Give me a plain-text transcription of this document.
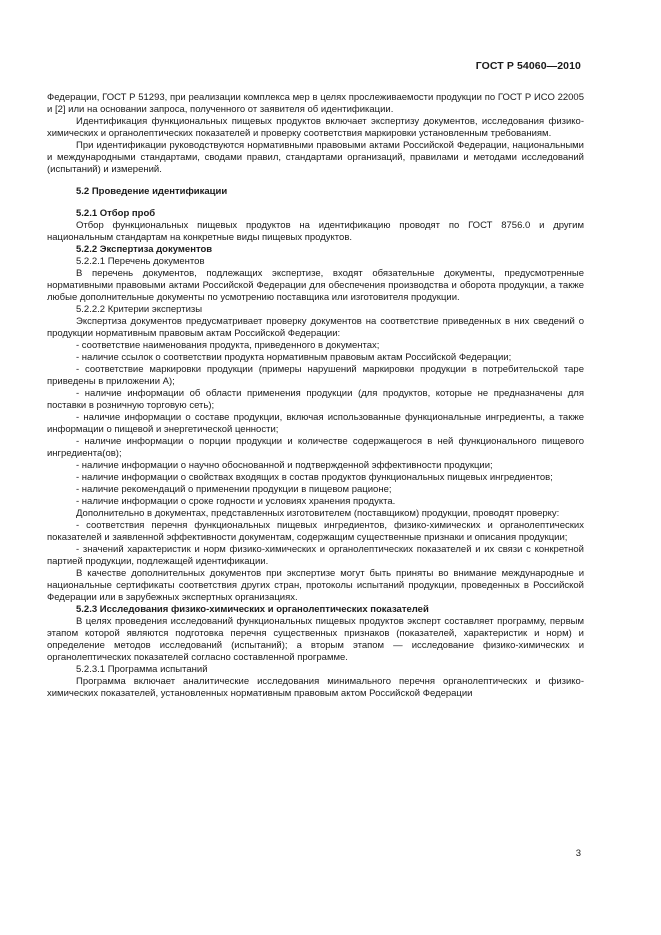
ГОСТ Р 54060—2010

Федерации, ГОСТ Р 51293, при реализации комплекса мер в целях прослеживаемости продукции по ГОСТ Р ИСО 22005 и [2] или на основании запроса, полученного от заявителя об идентификации.

Идентификация функциональных пищевых продуктов включает экспертизу документов, исследования физико-химических и органолептических показателей и проверку соответствия маркировки установленным требованиям.

При идентификации руководствуются нормативными правовыми актами Российской Федерации, национальными и международными стандартами, сводами правил, стандартами организаций, правилами и методами исследований (испытаний) и измерений.

5.2 Проведение идентификации

5.2.1 Отбор проб

Отбор функциональных пищевых продуктов на идентификацию проводят по ГОСТ 8756.0 и другим национальным стандартам на конкретные виды пищевых продуктов.

5.2.2 Экспертиза документов

5.2.2.1 Перечень документов

В перечень документов, подлежащих экспертизе, входят обязательные документы, предусмотренные нормативными правовыми актами Российской Федерации для обеспечения производства и оборота продукции, а также любые дополнительные документы по усмотрению поставщика или изготовителя продукции.

5.2.2.2 Критерии экспертизы

Экспертиза документов предусматривает проверку документов на соответствие приведенных в них сведений о продукции нормативным правовым актам Российской Федерации:

- соответствие наименования продукта, приведенного в документах;

- наличие ссылок о соответствии продукта нормативным правовым актам Российской Федерации;

- соответствие маркировки продукции (примеры нарушений маркировки продукции в потребительской таре приведены в приложении А);

- наличие информации об области применения продукции (для продуктов, которые не предназначены для поставки в розничную торговую сеть);

- наличие информации о составе продукции, включая использованные функциональные ингредиенты, а также информации о пищевой и энергетической ценности;

- наличие информации о порции продукции и количестве содержащегося в ней функционального пищевого ингредиента(ов);

- наличие информации о научно обоснованной и подтвержденной эффективности продукции;

- наличие информации о свойствах входящих в состав продуктов функциональных пищевых ингредиентов;

- наличие рекомендаций о применении продукции в пищевом рационе;

- наличие информации о сроке годности и условиях хранения продукта.

Дополнительно в документах, представленных изготовителем (поставщиком) продукции, проводят проверку:

- соответствия перечня функциональных пищевых ингредиентов, физико-химических и органолептических показателей и заявленной эффективности документам, содержащим существенные признаки и описания продукции;

- значений характеристик и норм физико-химических и органолептических показателей и их связи с конкретной партией продукции, подлежащей идентификации.

В качестве дополнительных документов при экспертизе могут быть приняты во внимание международные и национальные сертификаты соответствия других стран, протоколы испытаний продукции, проведенных в Российской Федерации или в зарубежных экспертных организациях.

5.2.3 Исследования физико-химических и органолептических показателей

В целях проведения исследований функциональных пищевых продуктов эксперт составляет программу, первым этапом которой являются подготовка перечня существенных признаков (показателей, характеристик и норм) и определение методов исследований (испытаний); а вторым этапом — исследование физико-химических и органолептических показателей согласно составленной программе.

5.2.3.1 Программа испытаний

Программа включает аналитические исследования минимального перечня органолептических и физико-химических показателей, установленных нормативным правовым актом Российской Федерации

3
